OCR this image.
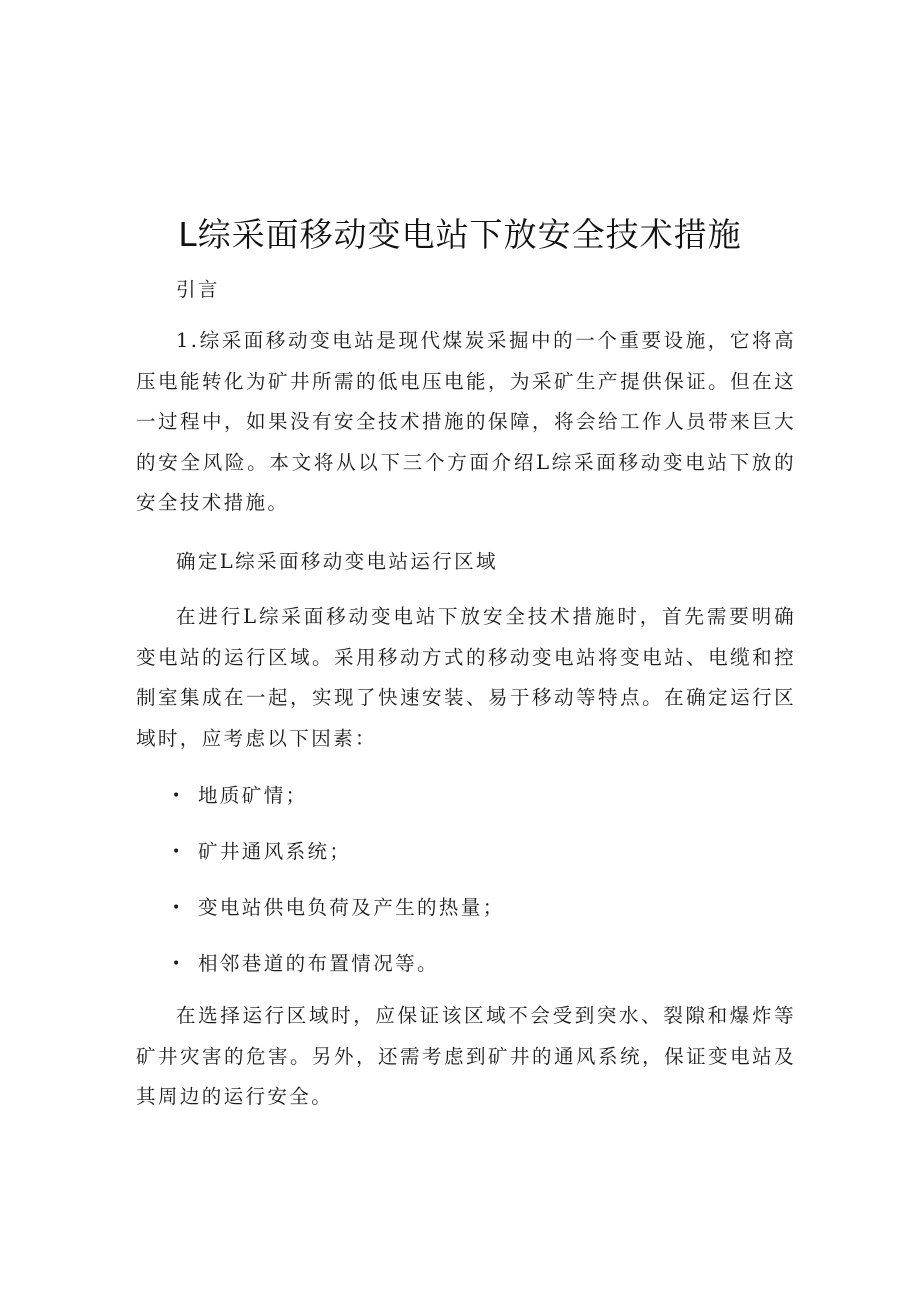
L综采面移动变电站下放安全技术措施

引言

1.综采面移动变电站是现代煤炭采掘中的一个重要设施，它将高压电能转化为矿井所需的低电压电能，为采矿生产提供保证。但在这一过程中，如果没有安全技术措施的保障，将会给工作人员带来巨大的安全风险。本文将从以下三个方面介绍L综采面移动变电站下放的安全技术措施。

确定L综采面移动变电站运行区域

在进行L综采面移动变电站下放安全技术措施时，首先需要明确变电站的运行区域。采用移动方式的移动变电站将变电站、电缆和控制室集成在一起，实现了快速安装、易于移动等特点。在确定运行区域时，应考虑以下因素：

• 地质矿情；
• 矿井通风系统；
• 变电站供电负荷及产生的热量；
• 相邻巷道的布置情况等。

在选择运行区域时，应保证该区域不会受到突水、裂隙和爆炸等矿井灾害的危害。另外，还需考虑到矿井的通风系统，保证变电站及其周边的运行安全。
